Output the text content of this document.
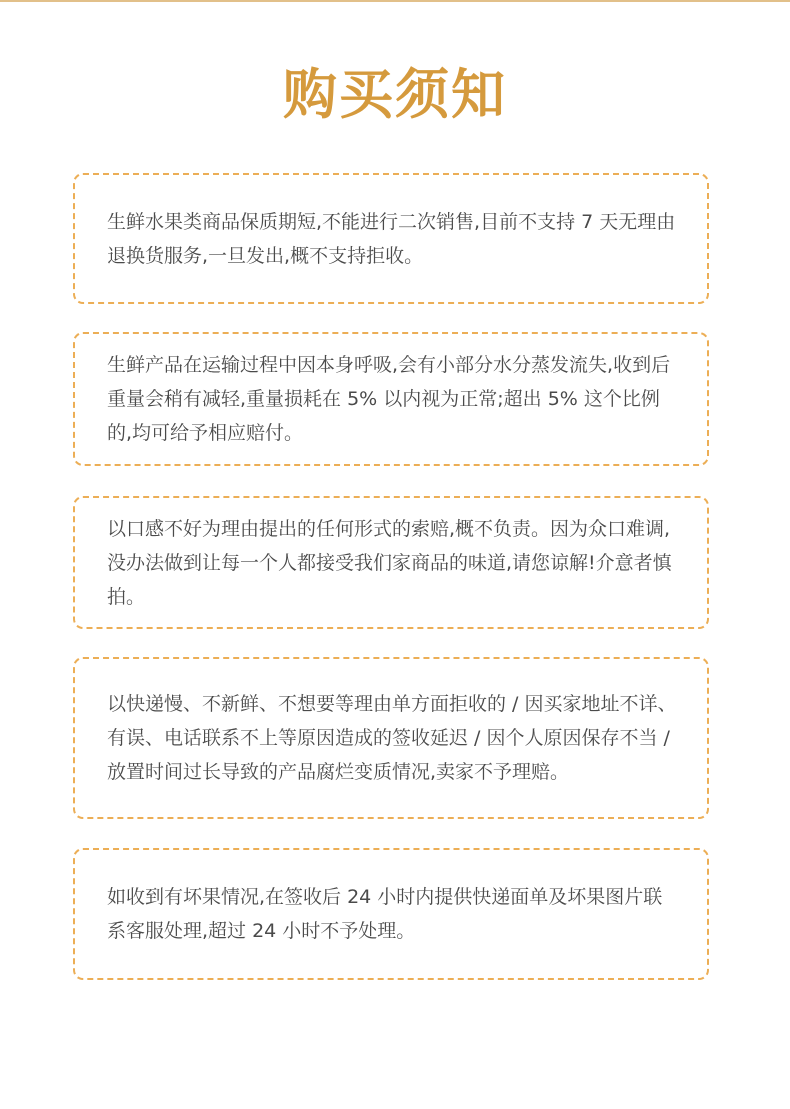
购买须知

生鲜水果类商品保质期短,不能进行二次销售,目前不支持 7 天无理由退换货服务,一旦发出,概不支持拒收。

生鲜产品在运输过程中因本身呼吸,会有小部分水分蒸发流失,收到后重量会稍有减轻,重量损耗在 5% 以内视为正常;超出 5% 这个比例的,均可给予相应赔付。

以口感不好为理由提出的任何形式的索赔,概不负责。因为众口难调,没办法做到让每一个人都接受我们家商品的味道,请您谅解!介意者慎拍。

以快递慢、不新鲜、不想要等理由单方面拒收的 / 因买家地址不详、有误、电话联系不上等原因造成的签收延迟 / 因个人原因保存不当 / 放置时间过长导致的产品腐烂变质情况,卖家不予理赔。

如收到有坏果情况,在签收后 24 小时内提供快递面单及坏果图片联系客服处理,超过 24 小时不予处理。
